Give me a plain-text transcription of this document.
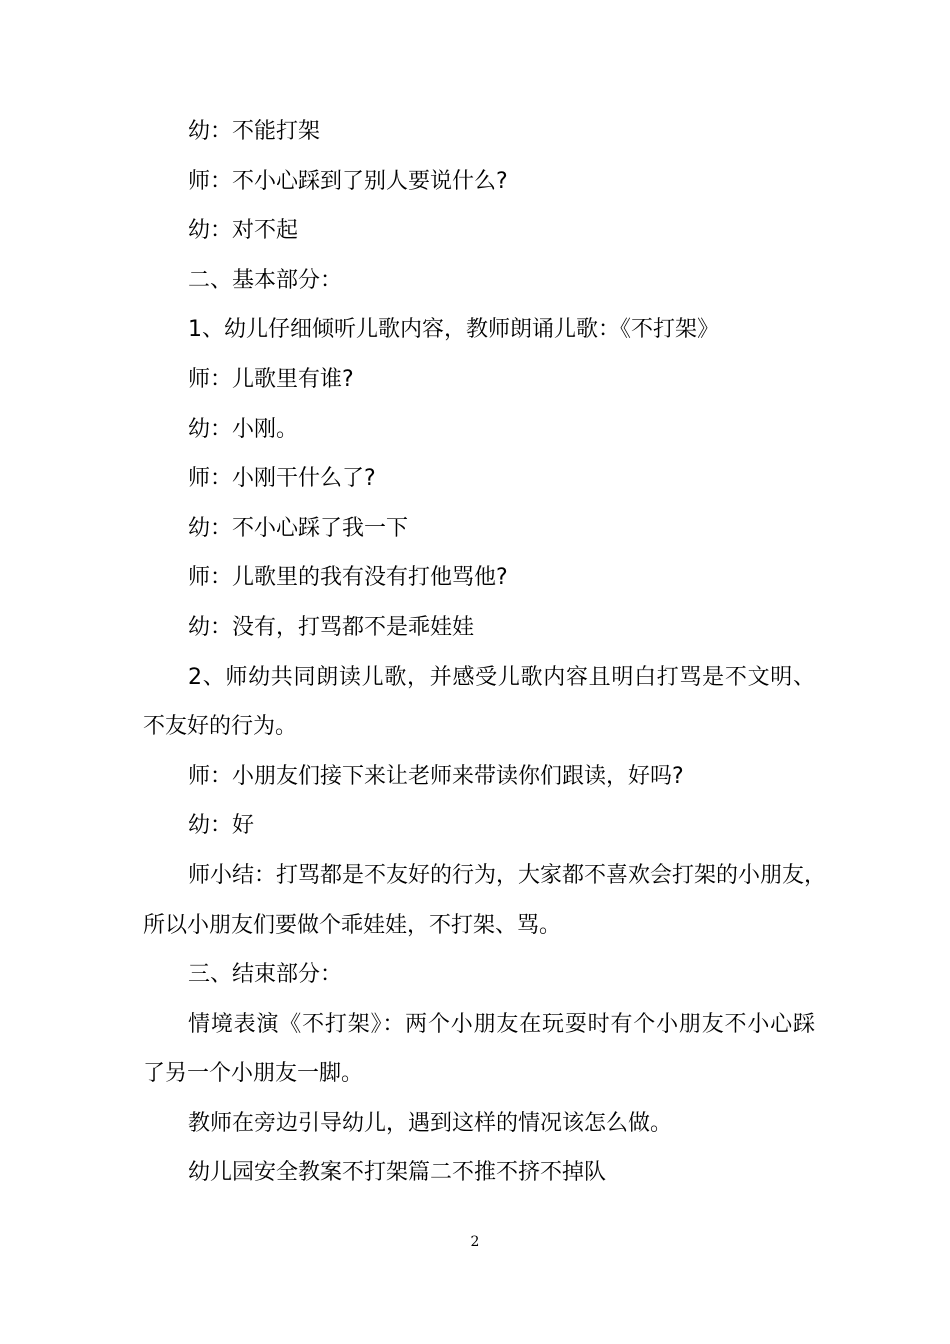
幼：不能打架
师：不小心踩到了别人要说什么?
幼：对不起
二、基本部分：
1、幼儿仔细倾听儿歌内容，教师朗诵儿歌：《不打架》
师：儿歌里有谁?
幼：小刚。
师：小刚干什么了?
幼：不小心踩了我一下
师：儿歌里的我有没有打他骂他?
幼：没有，打骂都不是乖娃娃
2、师幼共同朗读儿歌，并感受儿歌内容且明白打骂是不文明、
不友好的行为。
师：小朋友们接下来让老师来带读你们跟读，好吗?
幼：好
师小结：打骂都是不友好的行为，大家都不喜欢会打架的小朋友，
所以小朋友们要做个乖娃娃，不打架、骂。
三、结束部分：
情境表演《不打架》：两个小朋友在玩耍时有个小朋友不小心踩
了另一个小朋友一脚。
教师在旁边引导幼儿，遇到这样的情况该怎么做。
幼儿园安全教案不打架篇二不推不挤不掉队
2
